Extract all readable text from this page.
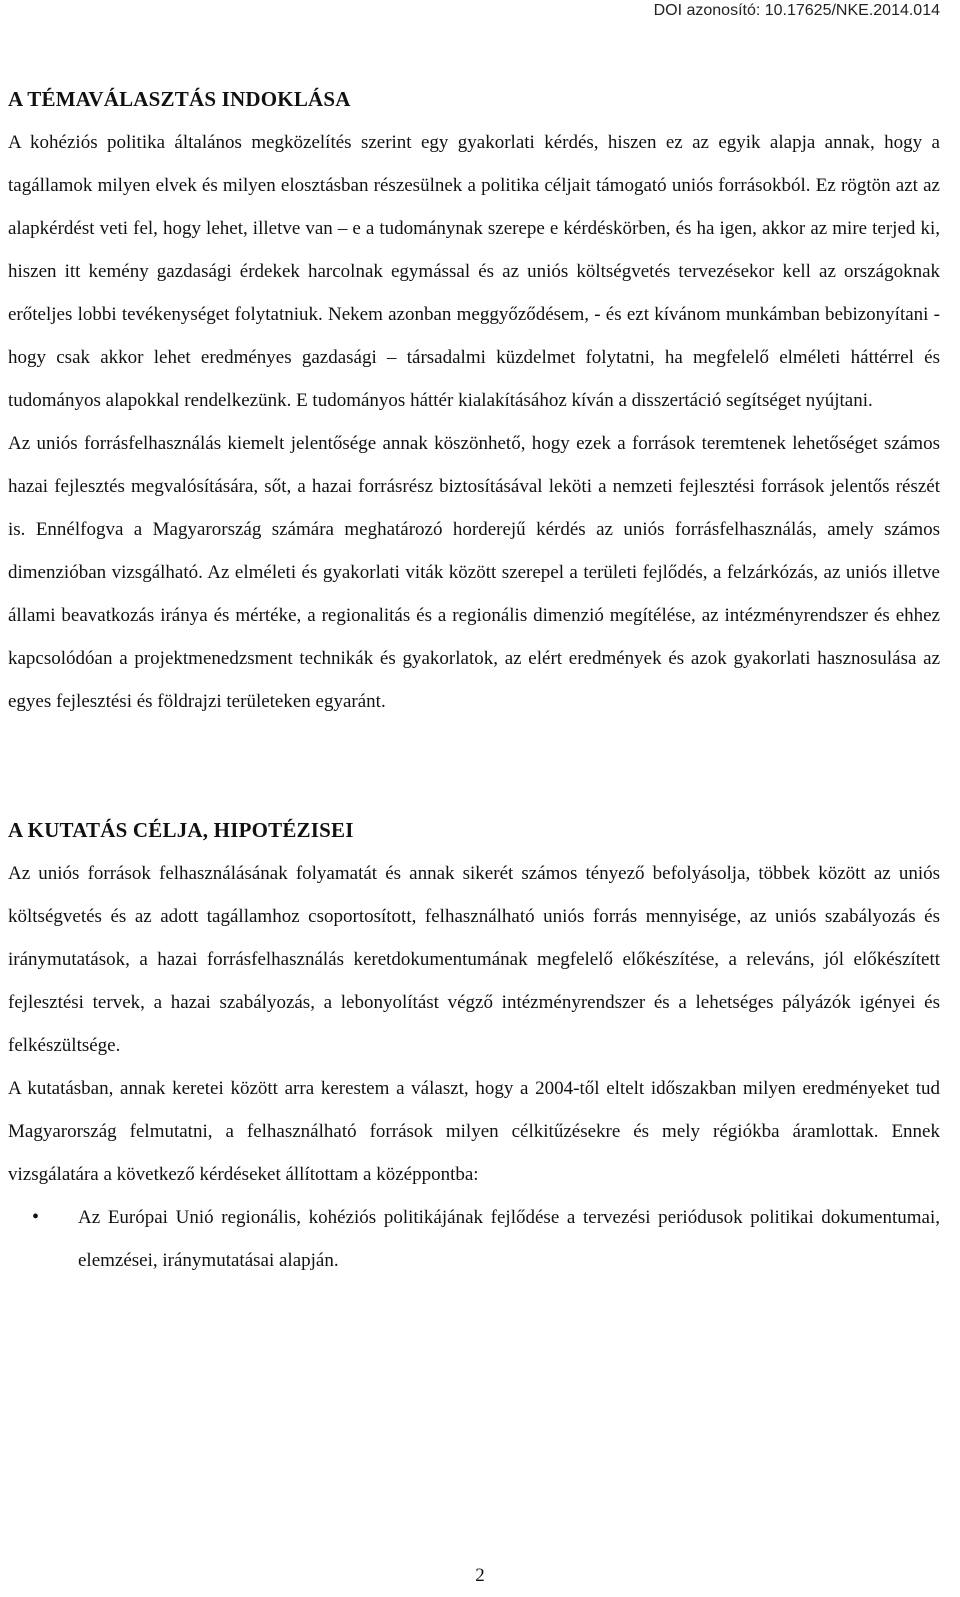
DOI azonosító: 10.17625/NKE.2014.014
A TÉMAVÁLASZTÁS INDOKLÁSA

A kohéziós politika általános megközelítés szerint egy gyakorlati kérdés, hiszen ez az egyik alapja annak, hogy a tagállamok milyen elvek és milyen elosztásban részesülnek a politika céljait támogató uniós forrásokból. Ez rögtön azt az alapkérdést veti fel, hogy lehet, illetve van – e a tudománynak szerepe e kérdéskörben, és ha igen, akkor az mire terjed ki, hiszen itt kemény gazdasági érdekek harcolnak egymással és az uniós költségvetés tervezésekor kell az országoknak erőteljes lobbi tevékenységet folytatniuk. Nekem azonban meggyőződésem, - és ezt kívánom munkámban bebizonyítani - hogy csak akkor lehet eredményes gazdasági – társadalmi küzdelmet folytatni, ha megfelelő elméleti háttérrel és tudományos alapokkal rendelkezünk. E tudományos háttér kialakításához kíván a disszertáció segítséget nyújtani.

Az uniós forrásfelhasználás kiemelt jelentősége annak köszönhető, hogy ezek a források teremtenek lehetőséget számos hazai fejlesztés megvalósítására, sőt, a hazai forrásrész biztosításával leköti a nemzeti fejlesztési források jelentős részét is. Ennélfogva a Magyarország számára meghatározó horderejű kérdés az uniós forrásfelhasználás, amely számos dimenzióban vizsgálható. Az elméleti és gyakorlati viták között szerepel a területi fejlődés, a felzárkózás, az uniós illetve állami beavatkozás iránya és mértéke, a regionalitás és a regionális dimenzió megítélése, az intézményrendszer és ehhez kapcsolódóan a projektmenedzsment technikák és gyakorlatok, az elért eredmények és azok gyakorlati hasznosulása az egyes fejlesztési és földrajzi területeken egyaránt.

A KUTATÁS CÉLJA, HIPOTÉZISEI

Az uniós források felhasználásának folyamatát és annak sikerét számos tényező befolyásolja, többek között az uniós költségvetés és az adott tagállamhoz csoportosított, felhasználható uniós forrás mennyisége, az uniós szabályozás és iránymutatások, a hazai forrásfelhasználás keretdokumentumának megfelelő előkészítése, a releváns, jól előkészített fejlesztési tervek, a hazai szabályozás, a lebonyolítást végző intézményrendszer és a lehetséges pályázók igényei és felkészültsége.

A kutatásban, annak keretei között arra kerestem a választ, hogy a 2004-től eltelt időszakban milyen eredményeket tud Magyarország felmutatni, a felhasználható források milyen célkitűzésekre és mely régiókba áramlottak. Ennek vizsgálatára a következő kérdéseket állítottam a középpontba:

• Az Európai Unió regionális, kohéziós politikájának fejlődése a tervezési periódusok politikai dokumentumai, elemzései, iránymutatásai alapján.
2
